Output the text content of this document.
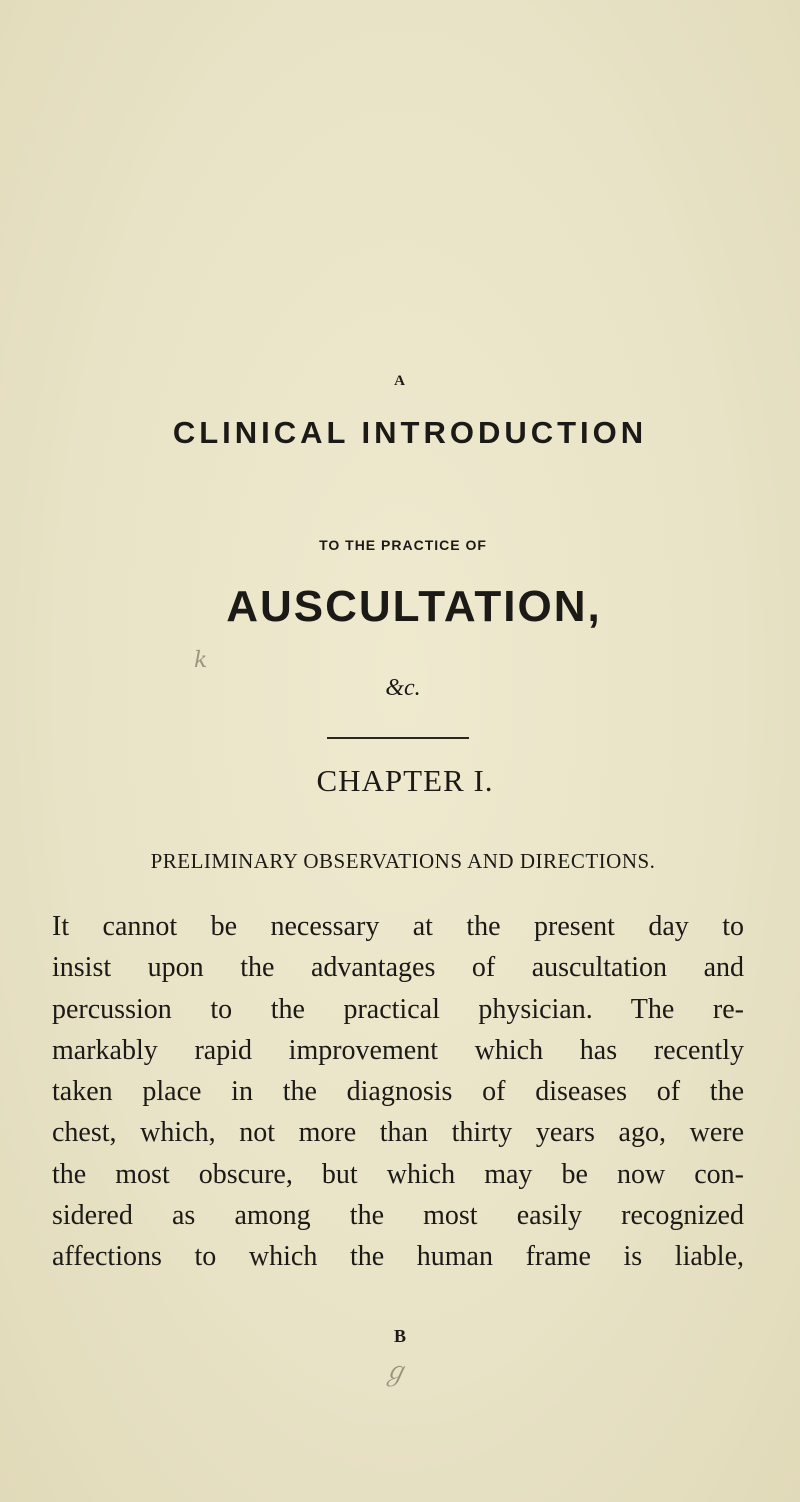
A
CLINICAL INTRODUCTION
TO THE PRACTICE OF
AUSCULTATION,
&c.
CHAPTER I.
PRELIMINARY OBSERVATIONS AND DIRECTIONS.
It cannot be necessary at the present day to
insist upon the advantages of auscultation and
percussion to the practical physician. The re-
markably rapid improvement which has recently
taken place in the diagnosis of diseases of the
chest, which, not more than thirty years ago, were
the most obscure, but which may be now con-
sidered as among the most easily recognized
affections to which the human frame is liable,
B
k
ℊ
